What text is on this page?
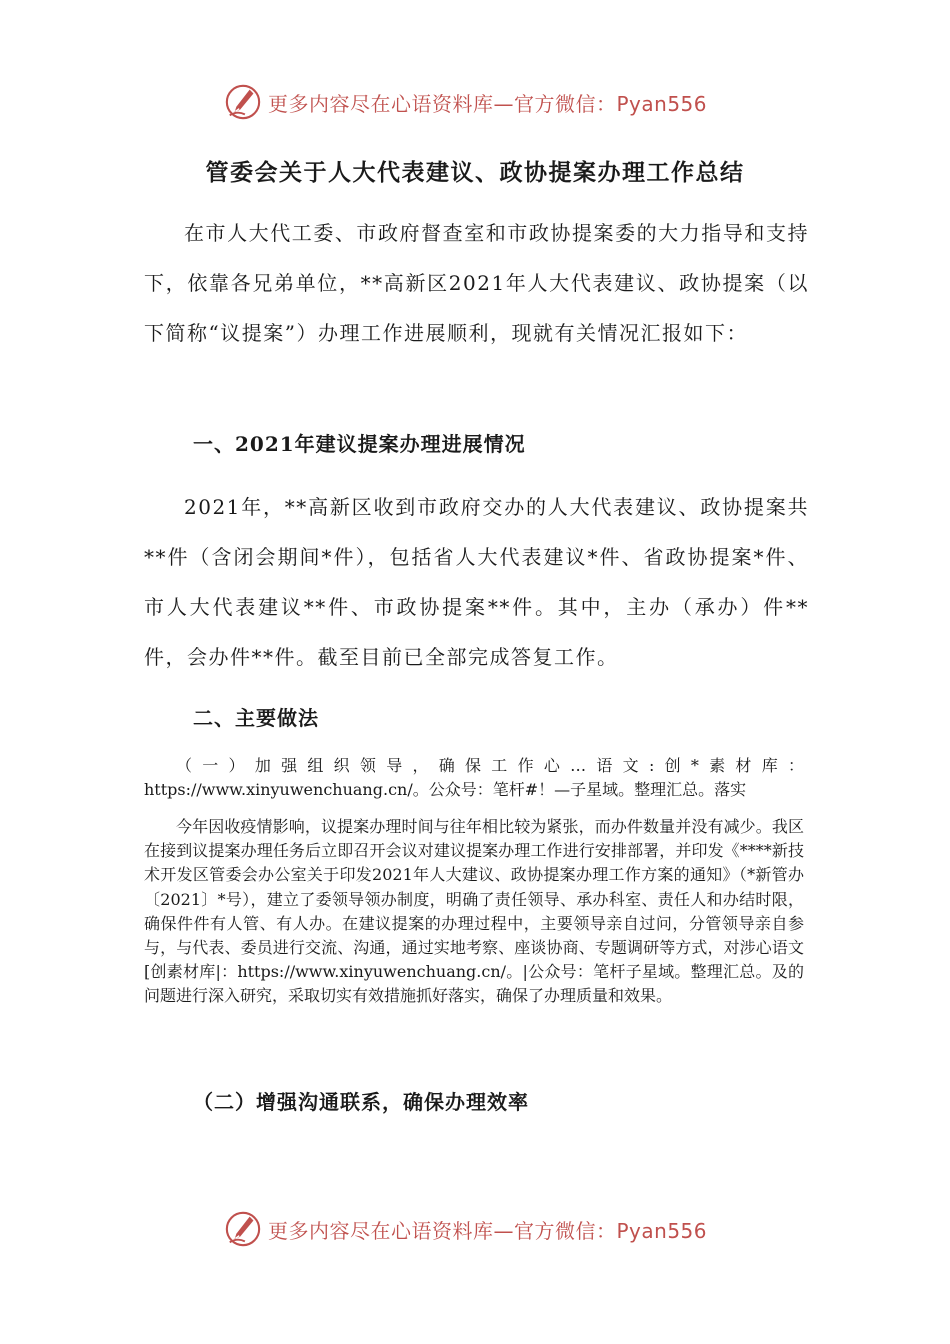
更多内容尽在心语资料库—官方微信：Pyan556
管委会关于人大代表建议、政协提案办理工作总结

在市人大代工委、市政府督查室和市政协提案委的大力指导和支持下，依靠各兄弟单位，**高新区2021年人大代表建议、政协提案（以下简称“议提案”）办理工作进展顺利，现就有关情况汇报如下：

一、2021年建议提案办理进展情况

2021年，**高新区收到市政府交办的人大代表建议、政协提案共**件（含闭会期间*件），包括省人大代表建议*件、省政协提案*件、市人大代表建议**件、市政协提案**件。其中，主办（承办）件**件，会办件**件。截至目前已全部完成答复工作。

二、主要做法

（一）加强组织领导，确保工作心…语文:创*素材库：https://www.xinyuwenchuang.cn/。公众号：笔杆#！—子星域。整理汇总。落实

今年因收疫情影响，议提案办理时间与往年相比较为紧张，而办件数量并没有减少。我区在接到议提案办理任务后立即召开会议对建议提案办理工作进行安排部署，并印发《****新技术开发区管委会办公室关于印发2021年人大建议、政协提案办理工作方案的通知》（*新管办〔2021〕*号），建立了委领导领办制度，明确了责任领导、承办科室、责任人和办结时限，确保件件有人管、有人办。在建议提案的办理过程中，主要领导亲自过问，分管领导亲自参与，与代表、委员进行交流、沟通，通过实地考察、座谈协商、专题调研等方式，对涉心语文[创素材库|：https://www.xinyuwenchuang.cn/。|公众号：笔杆子星域。整理汇总。及的问题进行深入研究，采取切实有效措施抓好落实，确保了办理质量和效果。

（二）增强沟通联系，确保办理效率
更多内容尽在心语资料库—官方微信：Pyan556
